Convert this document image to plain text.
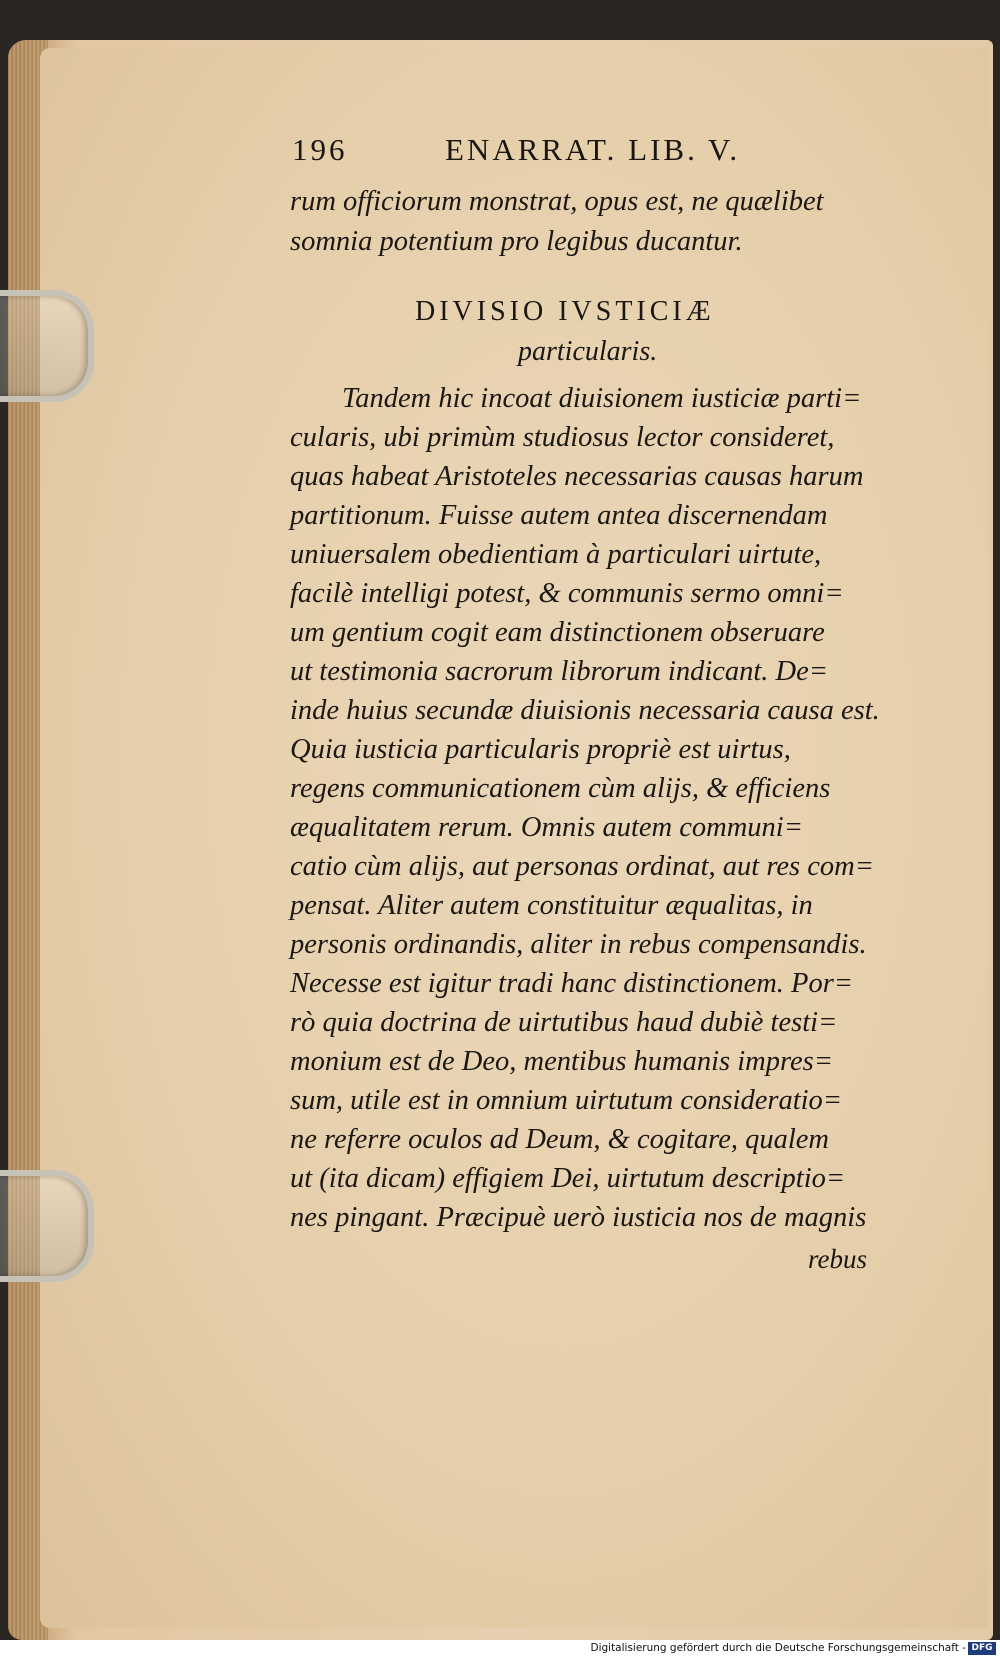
196	ENARRAT. LIB. V.
rum officiorum monstrat, opus est, ne quælibet
somnia potentium pro legibus ducantur.
DIVISIO IVSTICIÆ
particularis.
Tandem hic incoat diuisionem iusticiæ parti=
cularis, ubi primùm studiosus lector consideret,
quas habeat Aristoteles necessarias causas harum
partitionum. Fuisse autem antea discernendam
uniuersalem obedientiam à particulari uirtute,
facilè intelligi potest, & communis sermo omni=
um gentium cogit eam distinctionem obseruare
ut testimonia sacrorum librorum indicant. De=
inde huius secundæ diuisionis necessaria causa est.
Quia iusticia particularis propriè est uirtus,
regens communicationem cùm alijs, & efficiens
æqualitatem rerum. Omnis autem communi=
catio cùm alijs, aut personas ordinat, aut res com=
pensat. Aliter autem constituitur æqualitas, in
personis ordinandis, aliter in rebus compensandis.
Necesse est igitur tradi hanc distinctionem. Por=
rò quia doctrina de uirtutibus haud dubiè testi=
monium est de Deo, mentibus humanis impres=
sum, utile est in omnium uirtutum consideratio=
ne referre oculos ad Deum, & cogitare, qualem
ut (ita dicam) effigiem Dei, uirtutum descriptio=
nes pingant. Præcipuè uerò iusticia nos de magnis
rebus
Digitalisierung gefördert durch die Deutsche Forschungsgemeinschaft - DFG
